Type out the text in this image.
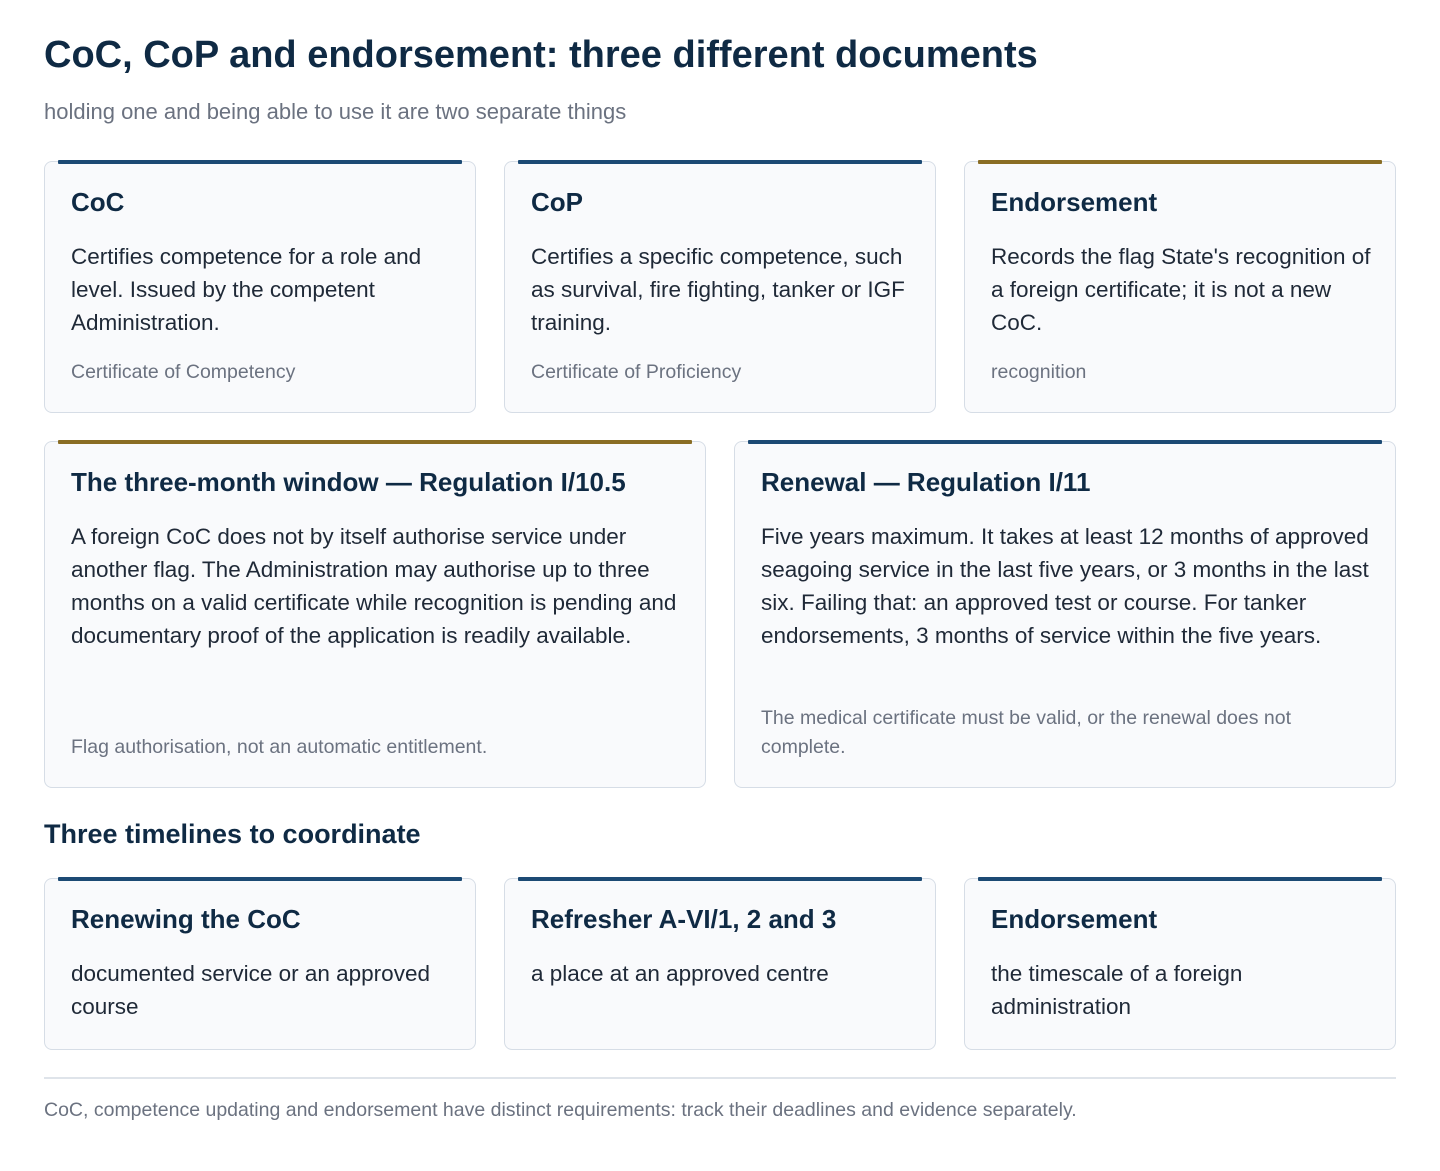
CoC, CoP and endorsement: three different documents

holding one and being able to use it are two separate things

CoC

Certifies competence for a role and level. Issued by the competent Administration.

Certificate of Competency

CoP

Certifies a specific competence, such as survival, fire fighting, tanker or IGF training.

Certificate of Proficiency

Endorsement

Records the flag State's recognition of a foreign certificate; it is not a new CoC.

recognition

The three-month window — Regulation I/10.5

A foreign CoC does not by itself authorise service under another flag. The Administration may authorise up to three months on a valid certificate while recognition is pending and documentary proof of the application is readily available.

Flag authorisation, not an automatic entitlement.

Renewal — Regulation I/11

Five years maximum. It takes at least 12 months of approved seagoing service in the last five years, or 3 months in the last six. Failing that: an approved test or course. For tanker endorsements, 3 months of service within the five years.

The medical certificate must be valid, or the renewal does not complete.

Three timelines to coordinate
Renewing the CoC

documented service or an approved course

Refresher A-VI/1, 2 and 3

a place at an approved centre

Endorsement

the timescale of a foreign administration

CoC, competence updating and endorsement have distinct requirements: track their deadlines and evidence separately.
